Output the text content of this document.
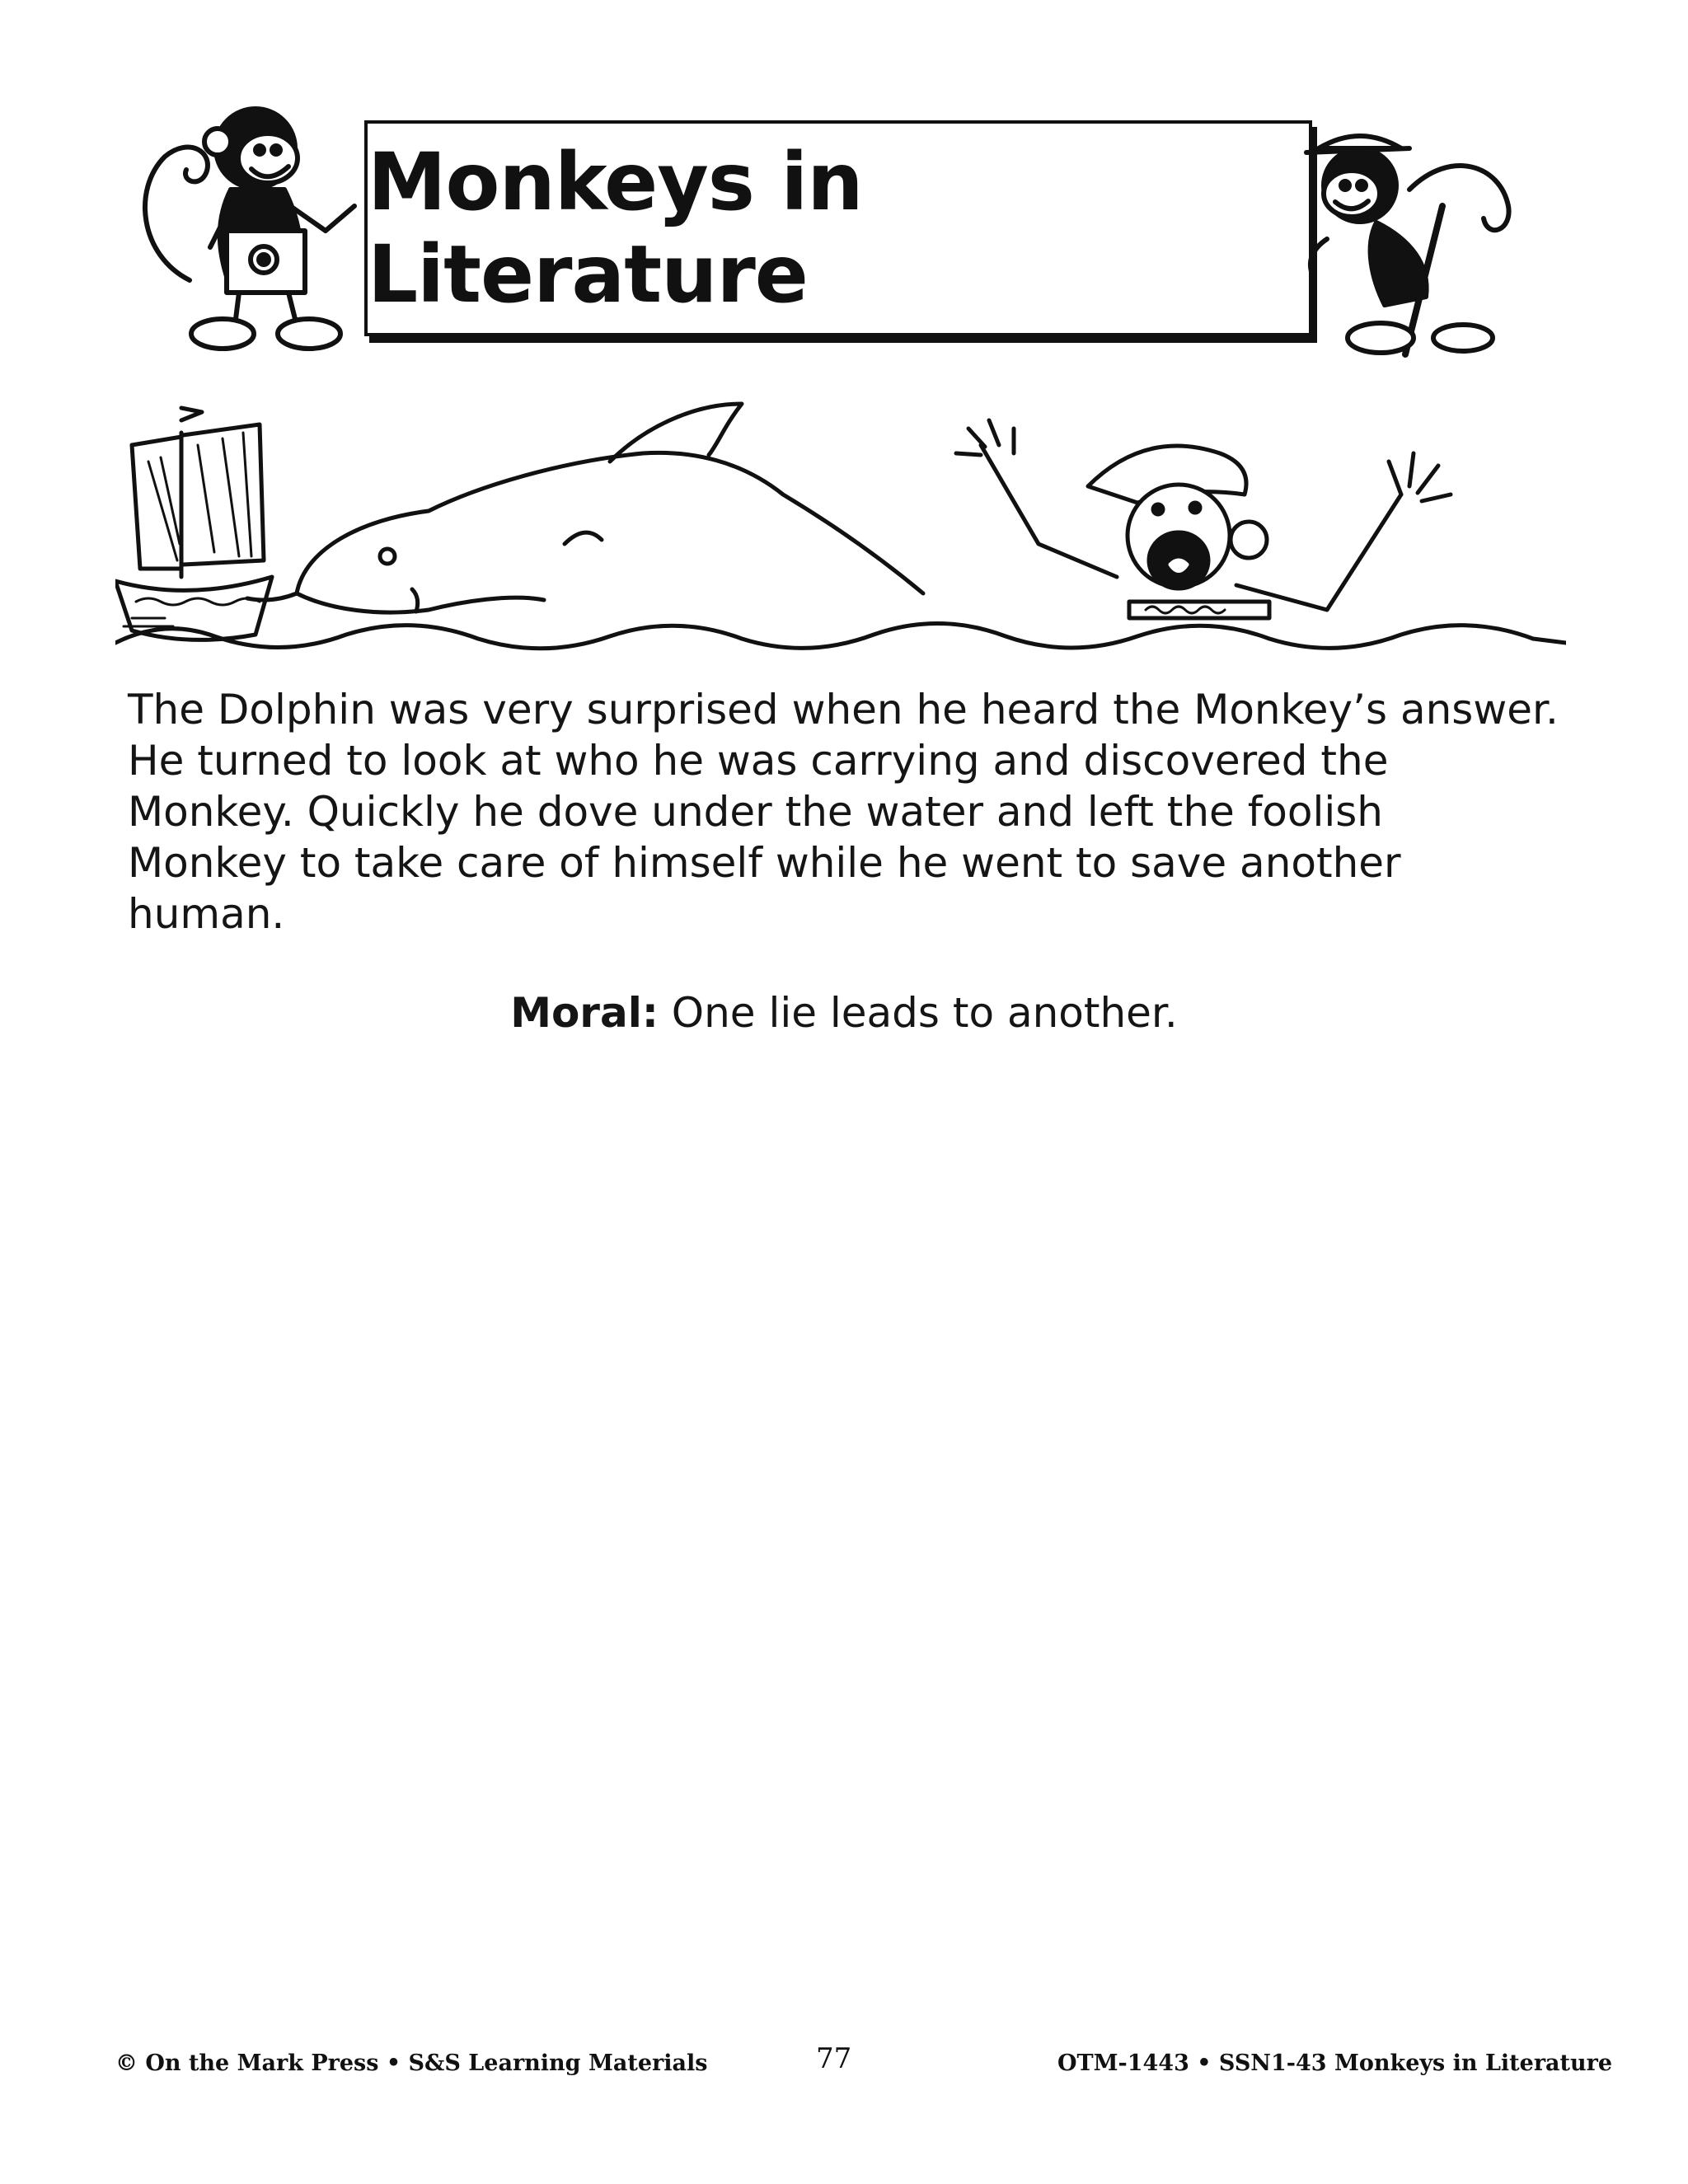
Monkeys in Literature

The Dolphin was very surprised when he heard the Monkey’s answer.

He turned to look at who he was carrying and discovered the

Monkey. Quickly he dove under the water and left the foolish

Monkey to take care of himself while he went to save another

human.

Moral: One lie leads to another.
© On the Mark Press • S&S Learning Materials	77	OTM-1443 • SSN1-43 Monkeys in Literature
